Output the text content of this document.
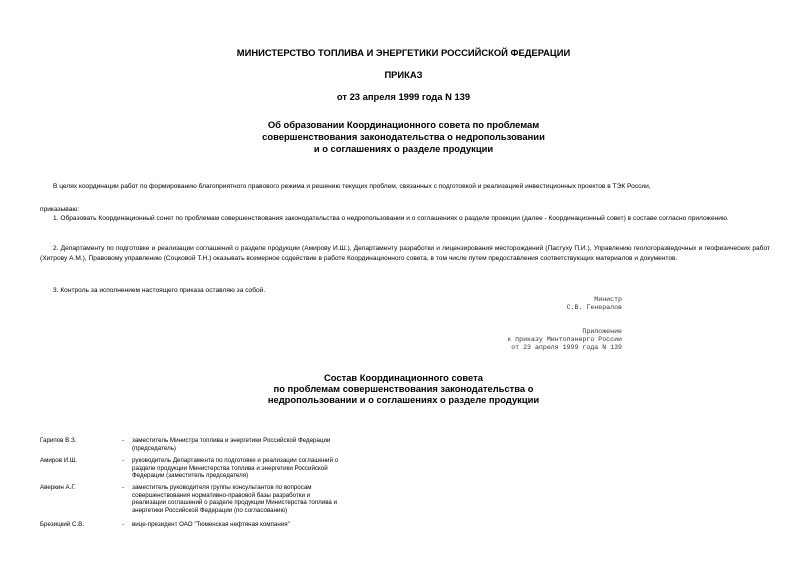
МИНИСТЕРСТВО ТОПЛИВА И ЭНЕРГЕТИКИ РОССИЙСКОЙ ФЕДЕРАЦИИ
ПРИКАЗ
от 23 апреля 1999 года N 139
Об образовании Координационного совета по проблемам
совершенствования законодательства о недропользовании
и о соглашениях о разделе продукции
В целях координации работ по формированию благоприятного правового режима и решению текущих проблем, связанных с подготовкой и реализацией инвестиционных проектов в ТЭК России,
приказываю:
1. Образовать Координационный сонет по проблемам совершенствования законодательства о недропользовании и о соглашениях о разделе проекции (далее - Координационный совет) в составе согласно приложению.
2. Департаменту по подготовке и реализации соглашений о разделе продукции (Амирову И.Ш.), Департаменту разработки и лицензирования месторождений (Пастуху П.И.), Управлению геологоразведочных и геофизических работ (Хитрову А.М.), Правовому управлению (Соцковой Т.Н.) оказывать всемерное содействие в работе Координационного совета, в том числе путем предоставления соответствующих материалов и документов.
3. Контроль за исполнением настоящего приказа оставляю за собой.
Министр
С.В. Генералов
Приложение
к приказу Минтопэнерго России
от 23 апреля 1999 года N 139
Состав Координационного совета
по проблемам совершенствования законодательства о
недропользовании и о соглашениях о разделе продукции
Гарипов В.З.	-	заместитель Министра топлива и энергетики Российской Федерации (председатель)
Амиров И.Ш.	-	руководитель Департамента по подготовке и реализации соглашений о разделе продукции Министерства топлива и энергетики Российской Федерации (заместитель председателя)
Аверкин А.Г.	-	заместитель руководителя группы консультантов по вопросам совершенствования нормативно-правовой базы разработки и реализации соглашений о разделе продукции Министерства топлива и энергетики Российской Федерации (по согласованию)
Брезицкий С.В.	-	вице-президент ОАО "Тюменская нефтяная компания"
